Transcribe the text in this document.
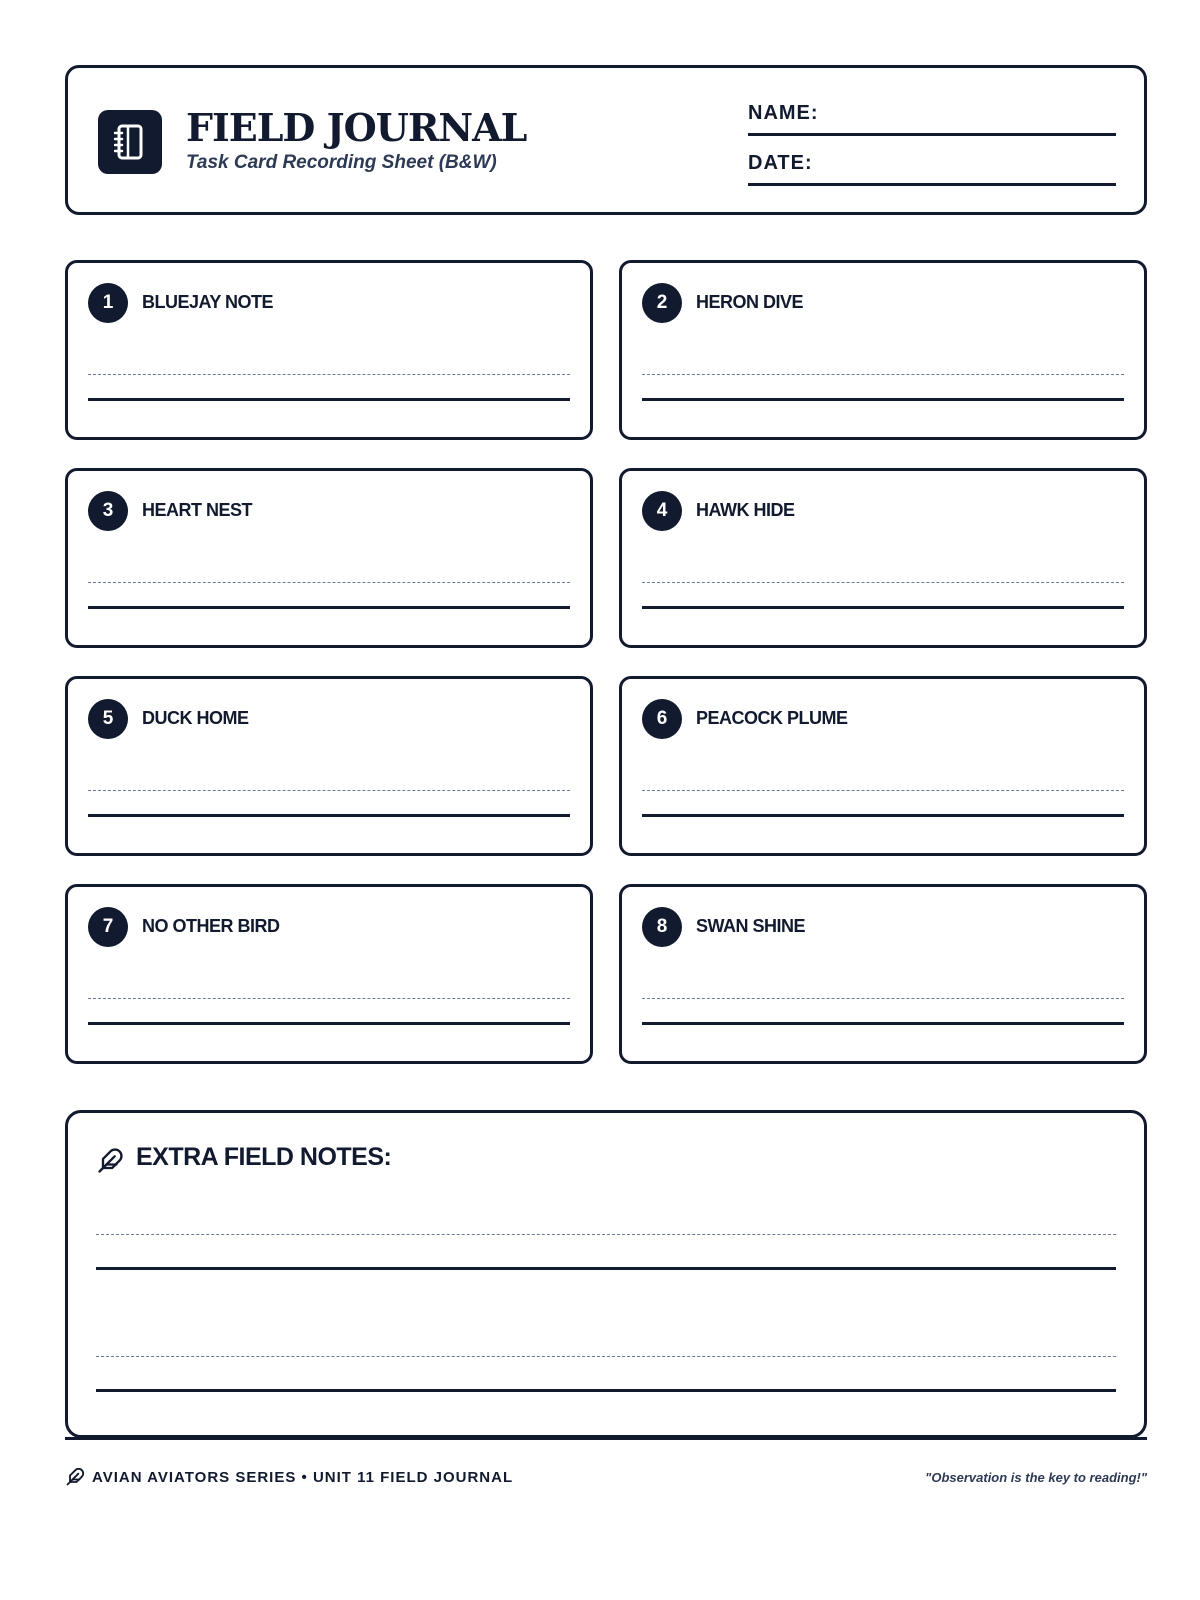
FIELD JOURNAL
Task Card Recording Sheet (B&W)
NAME:
DATE:
1	BLUEJAY NOTE	2	HERON DIVE
3	HEART NEST	4	HAWK HIDE
5	DUCK HOME	6	PEACOCK PLUME
7	NO OTHER BIRD	8	SWAN SHINE
EXTRA FIELD NOTES:
AVIAN AVIATORS SERIES • UNIT 11 FIELD JOURNAL	"Observation is the key to reading!"
